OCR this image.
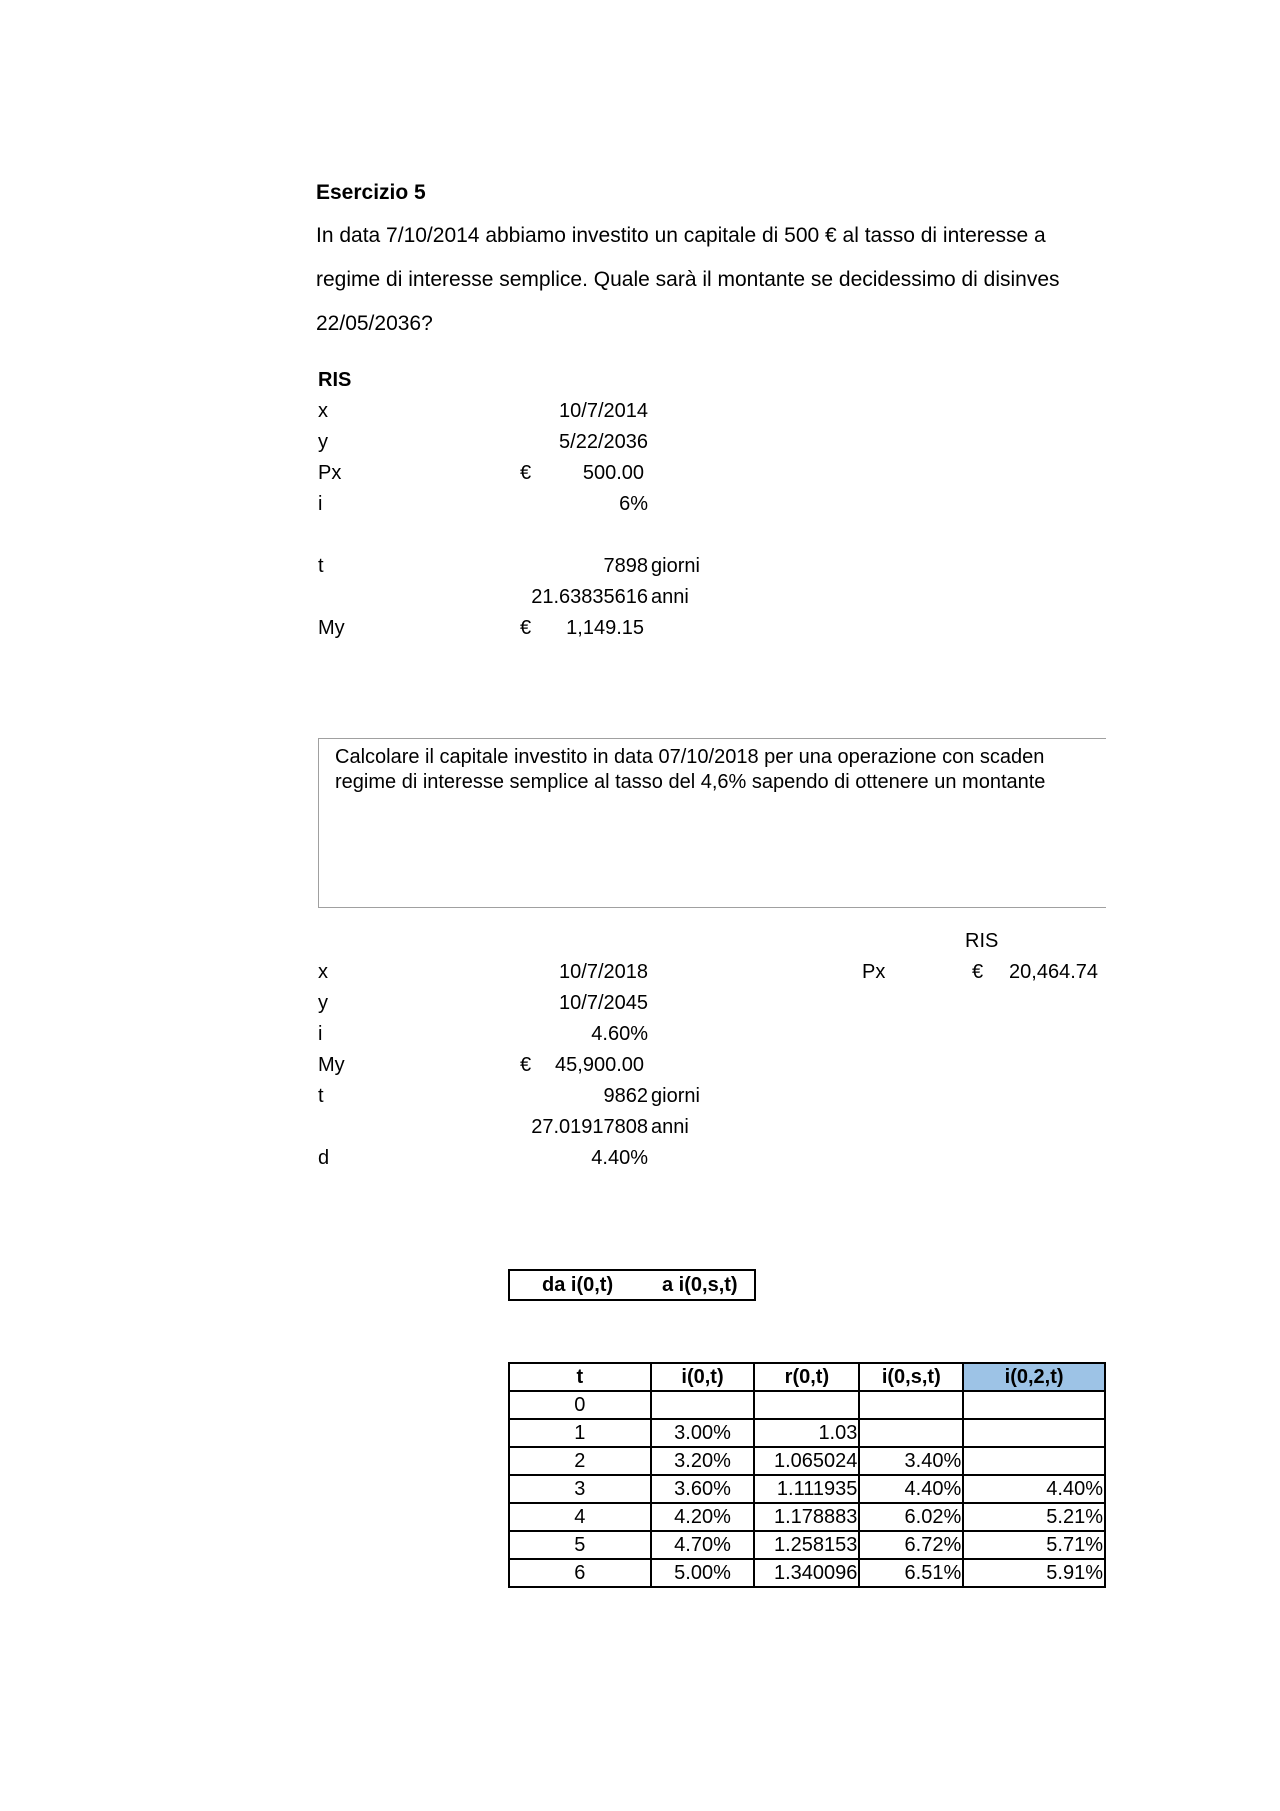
Esercizio 5
In data 7/10/2014 abbiamo investito un capitale di 500 € al tasso di interesse a
regime di interesse semplice. Quale sarà il montante se decidessimo di disinves
22/05/2036?
RIS
x	10/7/2014
y	5/22/2036
Px	€	500.00
i	6%
t	7898 giorni
21.63835616 anni
My	€	1,149.15
Calcolare il capitale investito in data 07/10/2018 per una operazione con scaden
regime di interesse semplice al tasso del 4,6% sapendo di ottenere un montante
RIS
Px	€	20,464.74
x	10/7/2018
y	10/7/2045
i	4.60%
My	€	45,900.00
t	9862 giorni
27.01917808 anni
d	4.40%
da i(0,t) a i(0,s,t)
t	i(0,t)	r(0,t)	i(0,s,t)	i(0,2,t)
0				
1	3.00%	1.03		
2	3.20%	1.065024	3.40%	
3	3.60%	1.111935	4.40%	4.40%
4	4.20%	1.178883	6.02%	5.21%
5	4.70%	1.258153	6.72%	5.71%
6	5.00%	1.340096	6.51%	5.91%
